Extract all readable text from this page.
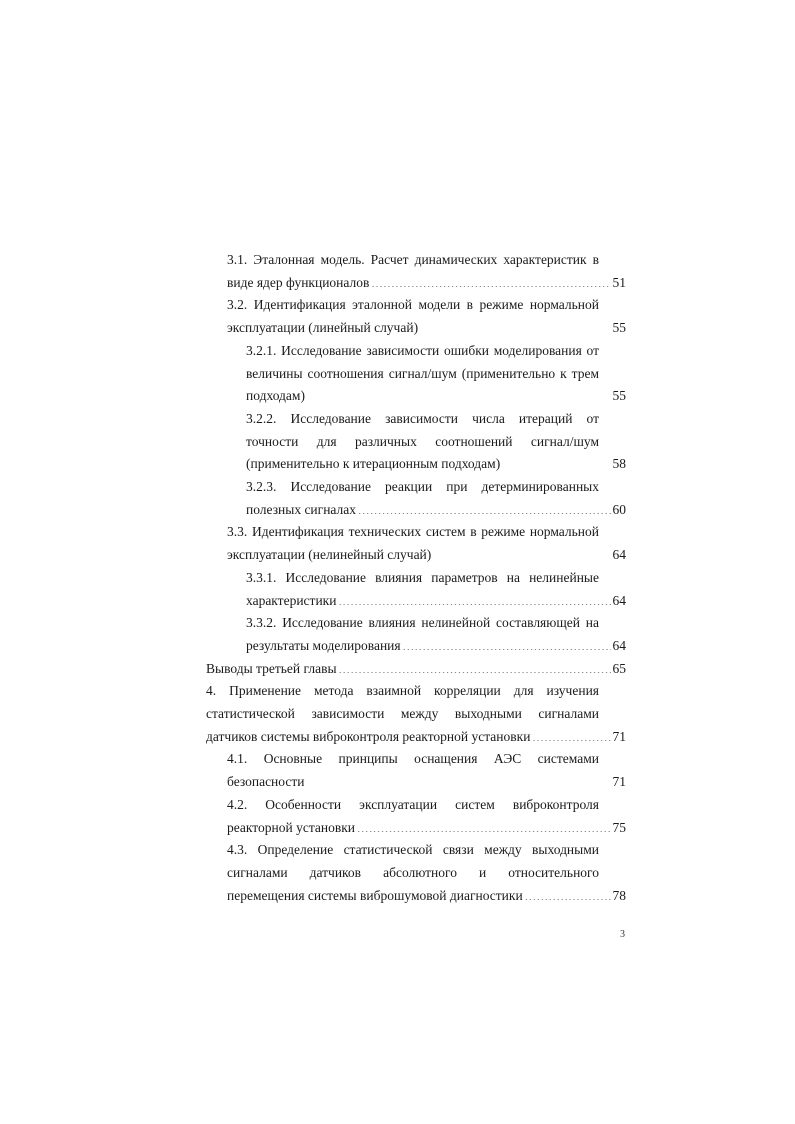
3.1. Эталонная модель. Расчет динамических характеристик в
виде ядер функционалов .....	51
3.2. Идентификация эталонной модели в режиме нормальной
эксплуатации (линейный случай) .....	55
3.2.1. Исследование зависимости ошибки моделирования от
величины соотношения сигнал/шум (применительно к трем
подходам) .....	55
3.2.2. Исследование зависимости числа итераций от
точности для различных соотношений сигнал/шум
(применительно к итерационным подходам) .....	58
3.2.3. Исследование реакции при детерминированных
полезных сигналах .....	60
3.3. Идентификация технических систем в режиме нормальной
эксплуатации (нелинейный случай) .....	64
3.3.1. Исследование влияния параметров на нелинейные
характеристики .....	64
3.3.2. Исследование влияния нелинейной составляющей на
результаты моделирования .....	64
Выводы третьей главы .....	65
4. Применение метода взаимной корреляции для изучения
статистической зависимости между выходными сигналами
датчиков системы виброконтроля реакторной установки .....	71
4.1. Основные принципы оснащения АЭС системами
безопасности .....	71
4.2. Особенности эксплуатации систем виброконтроля
реакторной установки .....	75
4.3. Определение статистической связи между выходными
сигналами датчиков абсолютного и относительного
перемещения системы виброшумовой диагностики .....	78
3
